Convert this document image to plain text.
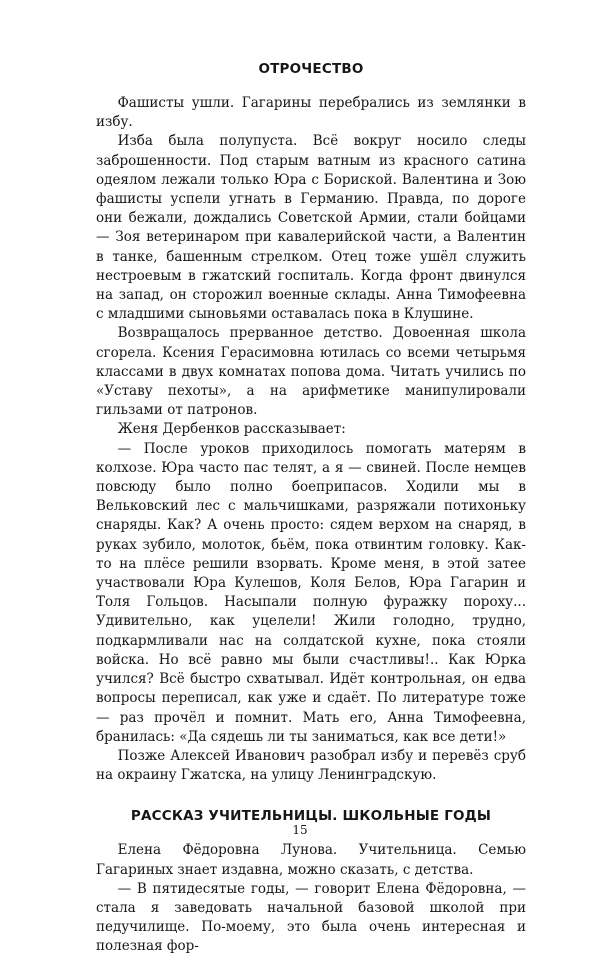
ОТРОЧЕСТВО

Фашисты ушли. Гагарины перебрались из землянки в избу.

Изба была полупуста. Всё вокруг носило следы заброшенности. Под старым ватным из красного сатина одеялом лежали только Юра с Бориской. Валентина и Зою фашисты успели угнать в Германию. Правда, по дороге они бежали, дождались Советской Армии, стали бойцами — Зоя ветеринаром при кавалерийской части, а Валентин в танке, башенным стрелком. Отец тоже ушёл служить нестроевым в гжатский госпиталь. Когда фронт двинулся на запад, он сторожил военные склады. Анна Тимофеевна с младшими сыновьями оставалась пока в Клушине.

Возвращалось прерванное детство. Довоенная школа сгорела. Ксения Герасимовна ютилась со всеми четырьмя классами в двух комнатах попова дома. Читать учились по «Уставу пехоты», а на арифметике манипулировали гильзами от патронов.

Женя Дербенков рассказывает:

— После уроков приходилось помогать матерям в колхозе. Юра часто пас телят, а я — свиней. После немцев повсюду было полно боеприпасов. Ходили мы в Вельковский лес с мальчишками, разряжали потихоньку снаряды. Как? А очень просто: сядем верхом на снаряд, в руках зубило, молоток, бьём, пока отвинтим головку. Как-то на плёсе решили взорвать. Кроме меня, в этой затее участвовали Юра Кулешов, Коля Белов, Юра Гагарин и Толя Гольцов. Насыпали полную фуражку пороху... Удивительно, как уцелели! Жили голодно, трудно, подкармливали нас на солдатской кухне, пока стояли войска. Но всё равно мы были счастливы!.. Как Юрка учился? Всё быстро схватывал. Идёт контрольная, он едва вопросы переписал, как уже и сдаёт. По литературе тоже — раз прочёл и помнит. Мать его, Анна Тимофеевна, бранилась: «Да сядешь ли ты заниматься, как все дети!»

Позже Алексей Иванович разобрал избу и перевёз сруб на окраину Гжатска, на улицу Ленинградскую.

РАССКАЗ УЧИТЕЛЬНИЦЫ. ШКОЛЬНЫЕ ГОДЫ

Елена Фёдоровна Лунова. Учительница. Семью Гагариных знает издавна, можно сказать, с детства.

— В пятидесятые годы, — говорит Елена Фёдоровна, — стала я заведовать начальной базовой школой при педучилище. По-моему, это была очень интересная и полезная фор-

15
